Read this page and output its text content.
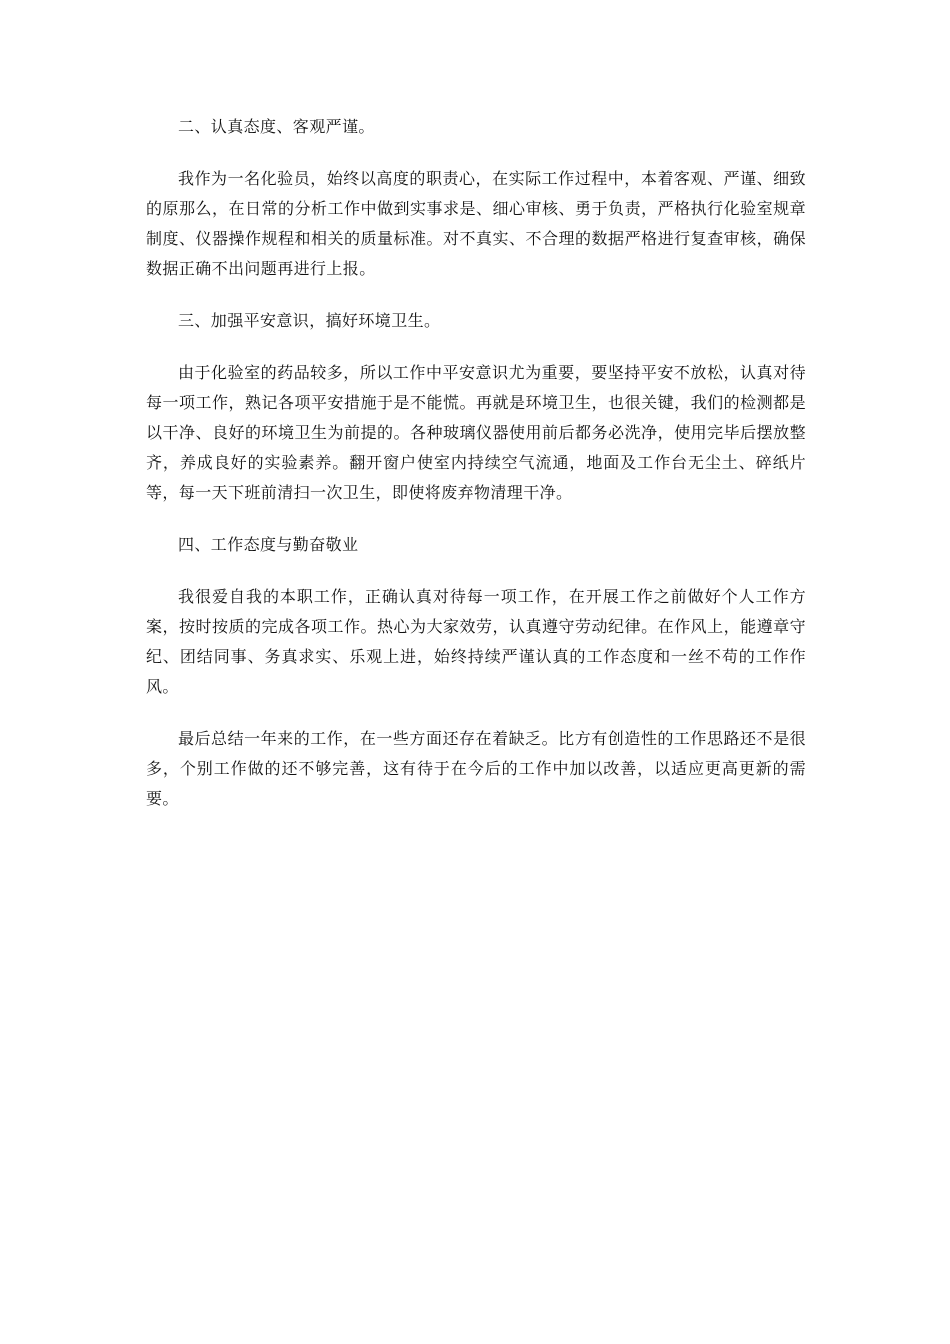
二、认真态度、客观严谨。

我作为一名化验员，始终以高度的职责心，在实际工作过程中，本着客观、严谨、细致的原那么，在日常的分析工作中做到实事求是、细心审核、勇于负责，严格执行化验室规章制度、仪器操作规程和相关的质量标准。对不真实、不合理的数据严格进行复查审核，确保数据正确不出问题再进行上报。

三、加强平安意识，搞好环境卫生。

由于化验室的药品较多，所以工作中平安意识尤为重要，要坚持平安不放松，认真对待每一项工作，熟记各项平安措施于是不能慌。再就是环境卫生，也很关键，我们的检测都是以干净、良好的环境卫生为前提的。各种玻璃仪器使用前后都务必洗净，使用完毕后摆放整齐，养成良好的实验素养。翻开窗户使室内持续空气流通，地面及工作台无尘土、碎纸片等，每一天下班前清扫一次卫生，即使将废弃物清理干净。

四、工作态度与勤奋敬业

我很爱自我的本职工作，正确认真对待每一项工作，在开展工作之前做好个人工作方案，按时按质的完成各项工作。热心为大家效劳，认真遵守劳动纪律。在作风上，能遵章守纪、团结同事、务真求实、乐观上进，始终持续严谨认真的工作态度和一丝不苟的工作作风。

最后总结一年来的工作，在一些方面还存在着缺乏。比方有创造性的工作思路还不是很多，个别工作做的还不够完善，这有待于在今后的工作中加以改善，以适应更高更新的需要。
